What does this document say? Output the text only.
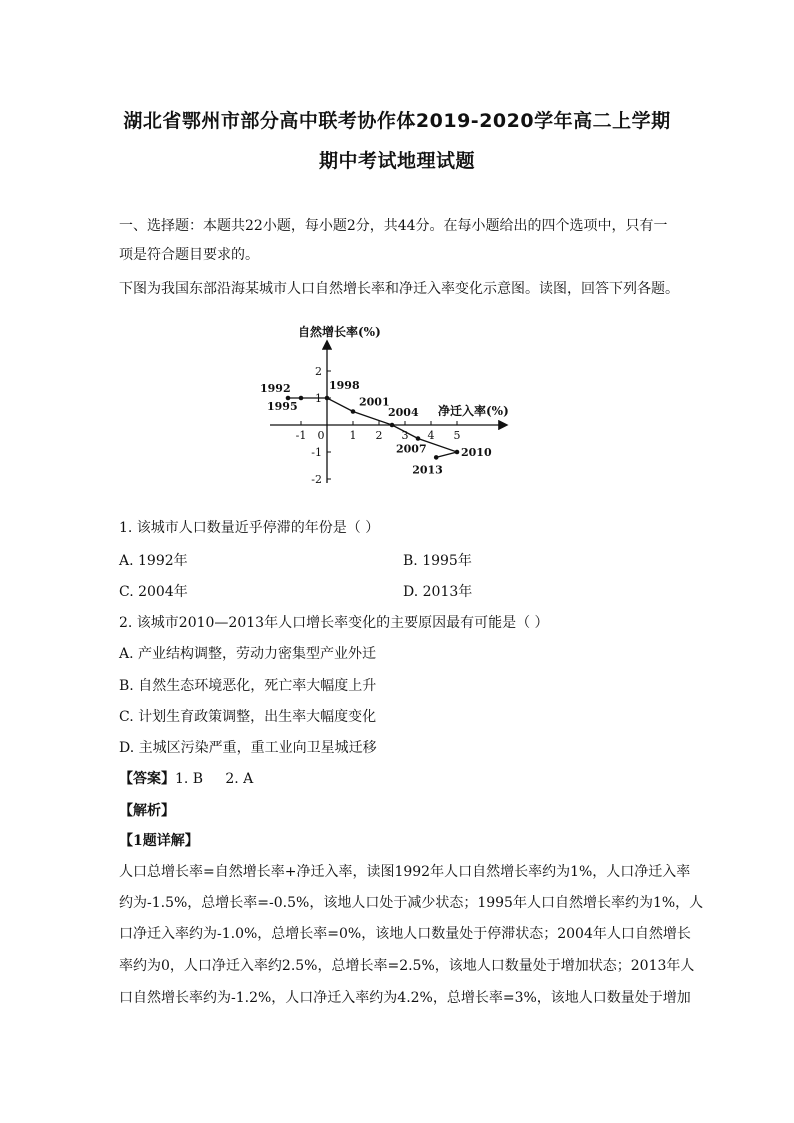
湖北省鄂州市部分高中联考协作体2019-2020学年高二上学期
期中考试地理试题
一、选择题：本题共22小题，每小题2分，共44分。在每小题给出的四个选项中，只有一
项是符合题目要求的。
下图为我国东部沿海某城市人口自然增长率和净迁入率变化示意图。读图，回答下列各题。
自然增长率(%)
净迁入率(%)
-1 0 1 2 3 4 5
2
1
-1
-2
1992
1995
1998
2001
2004
2007	2010
2013
1. 该城市人口数量近乎停滞的年份是（ ）
A. 1992年	B. 1995年
C. 2004年	D. 2013年
2. 该城市2010—2013年人口增长率变化的主要原因最有可能是（ ）
A. 产业结构调整，劳动力密集型产业外迁
B. 自然生态环境恶化，死亡率大幅度上升
C. 计划生育政策调整，出生率大幅度变化
D. 主城区污染严重，重工业向卫星城迁移
【答案】1. B     2. A
【解析】
【1题详解】
人口总增长率=自然增长率+净迁入率，读图1992年人口自然增长率约为1%，人口净迁入率
约为-1.5%，总增长率=-0.5%，该地人口处于减少状态；1995年人口自然增长率约为1%，人
口净迁入率约为-1.0%，总增长率=0%，该地人口数量处于停滞状态；2004年人口自然增长
率约为0，人口净迁入率约2.5%，总增长率=2.5%，该地人口数量处于增加状态；2013年人
口自然增长率约为-1.2%，人口净迁入率约为4.2%，总增长率=3%，该地人口数量处于增加
